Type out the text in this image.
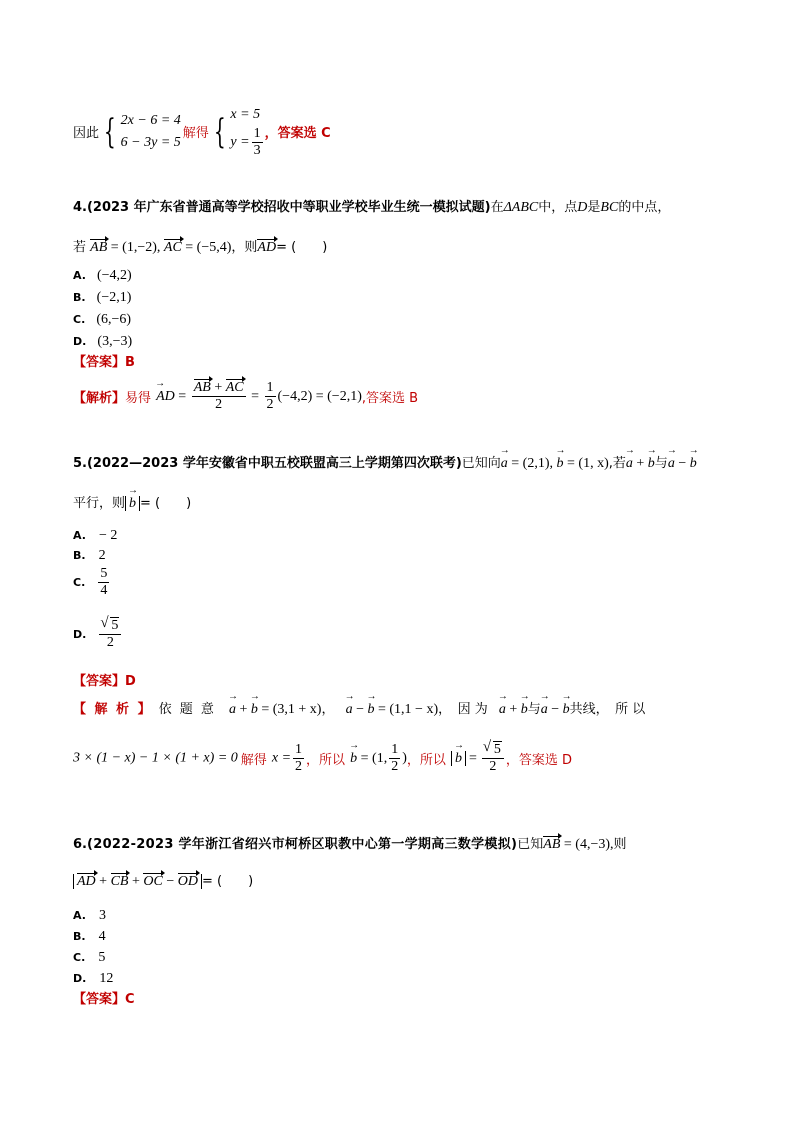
因此 { 2x − 6 = 4
6 − 3y = 5
解得 { x = 5
$y = \frac{1}{3}$ ，答案选 C
4.(2023 年广东省普通高等学校招收中等职业学校毕业生统一模拟试题)在ΔABC中，点D是BC的中点，
若 AB = (1,−2), AC = (−5,4)，则AD= (　　)
A. (−4,2)
B. (−2,1)
C. (6,−6)
D. (3,−3)
【答案】B
【解析】易得 → AD = $\frac{AB + AC}{2} = \frac{1}{2} (-4,2) = (-2,1)$,答案选 B
5.(2022—2023 学年安徽省中职五校联盟高三上学期第四次联考)已知向→ a = (2,1), → b = (1, x),若→ a + → b与→ a − → b
平行，则 → b = (　　)
A. − 2
B. 2
C. $\frac{5}{4}$
D. √ $\frac{5}{2}$
【答案】D
【 解 析 】 依 题 意 → a + → b = (3,1 + x)， → a − → b = (1,1 − x)，　因 为 → a + → b与→ a − → b共线，　所 以
3 × (1 − x) − 1 × (1 + x) = 0 解得 $x = \frac{1}{2}$ ，所以 → b = (1, $\frac{1}{2}$ )，所以 → b = √ $\frac{5}{2}$ ，答案选 D
6.(2022-2023 学年浙江省绍兴市柯桥区职教中心第一学期高三数学模拟)已知AB = (4,−3),则
AD + CB + OC − OD = (　　)
A. 3
B. 4
C. 5
D. 12
【答案】C
